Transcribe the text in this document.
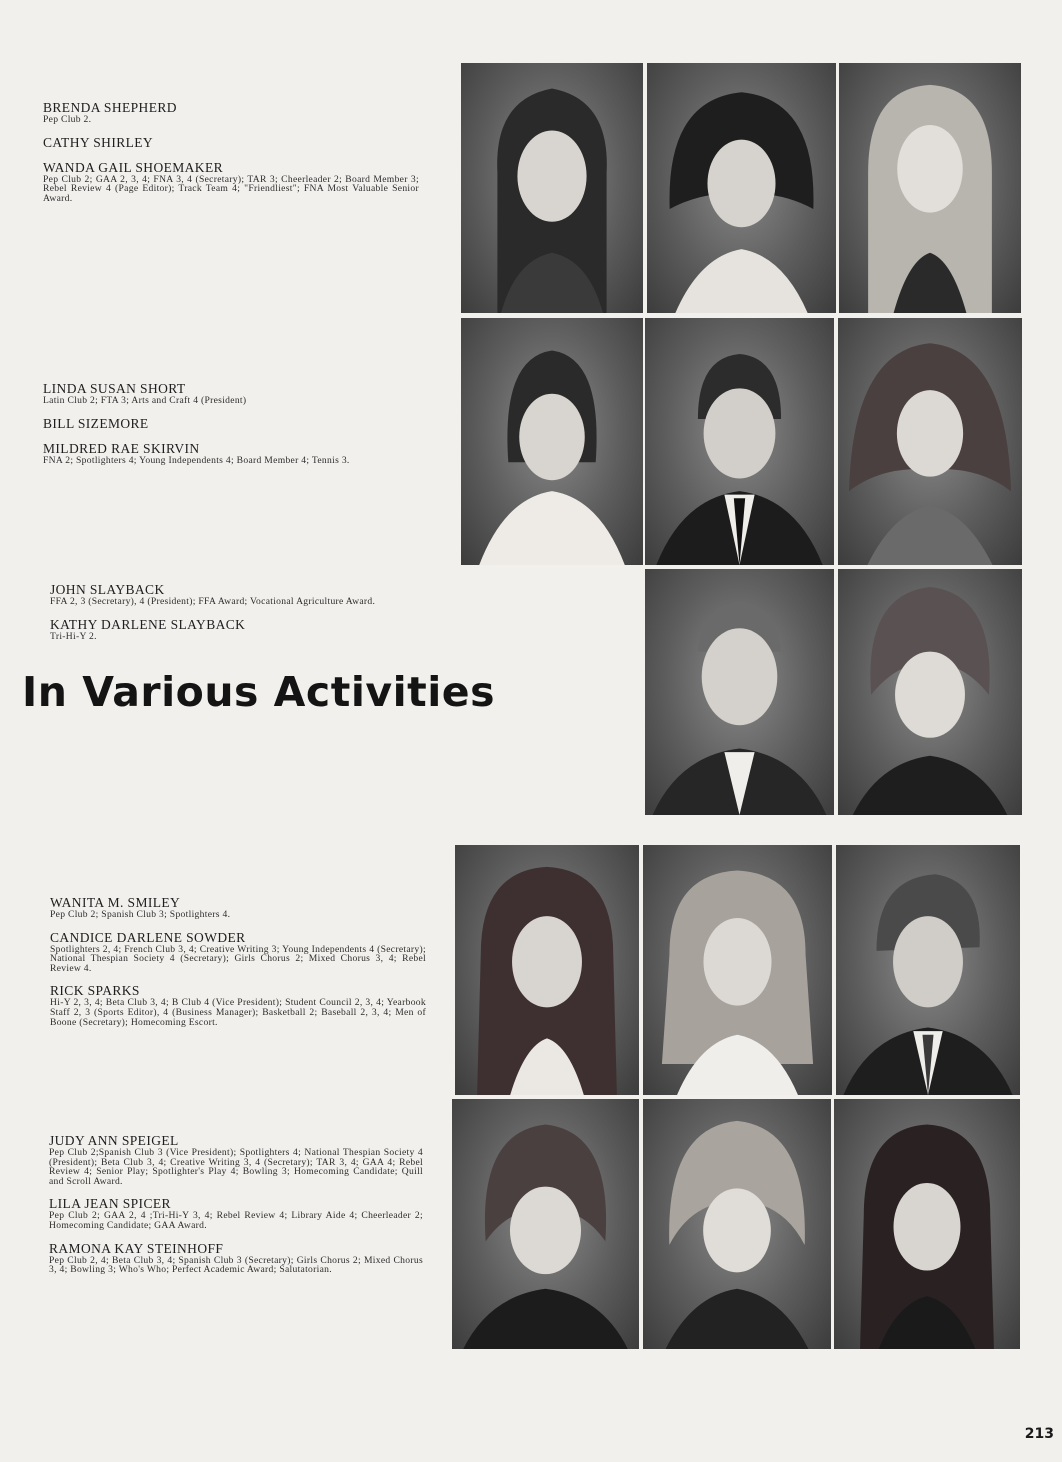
BRENDA SHEPHERD
Pep Club 2.
CATHY SHIRLEY
WANDA GAIL SHOEMAKER
Pep Club 2; GAA 2, 3, 4; FNA 3, 4 (Secretary); TAR 3; Cheerleader 2; Board Member 3; Rebel Review 4 (Page Editor); Track Team 4; "Friendliest"; FNA Most Valuable Senior Award.
LINDA SUSAN SHORT
Latin Club 2; FTA 3; Arts and Craft 4 (President)
BILL SIZEMORE
MILDRED RAE SKIRVIN
FNA 2; Spotlighters 4; Young Independents 4; Board Member 4; Tennis 3.
JOHN SLAYBACK
FFA 2, 3 (Secretary), 4 (President); FFA Award; Vocational Agriculture Award.
KATHY DARLENE SLAYBACK
Tri-Hi-Y 2.
In Various Activities
WANITA M. SMILEY
Pep Club 2; Spanish Club 3; Spotlighters 4.
CANDICE DARLENE SOWDER
Spotlighters 2, 4; French Club 3, 4; Creative Writing 3; Young Independents 4 (Secretary); National Thespian Society 4 (Secretary); Girls Chorus 2; Mixed Chorus 3, 4; Rebel Review 4.
RICK SPARKS
Hi-Y 2, 3, 4; Beta Club 3, 4; B Club 4 (Vice President); Student Council 2, 3, 4; Yearbook Staff 2, 3 (Sports Editor), 4 (Business Manager); Basketball 2; Baseball 2, 3, 4; Men of Boone (Secretary); Homecoming Escort.
JUDY ANN SPEIGEL
Pep Club 2;Spanish Club 3 (Vice President); Spotlighters 4; National Thespian Society 4 (President); Beta Club 3, 4; Creative Writing 3, 4 (Secretary); TAR 3, 4; GAA 4; Rebel Review 4; Senior Play; Spotlighter's Play 4; Bowling 3; Homecoming Candidate; Quill and Scroll Award.
LILA JEAN SPICER
Pep Club 2; GAA 2, 4 ;Tri-Hi-Y 3, 4; Rebel Review 4; Library Aide 4; Cheerleader 2; Homecoming Candidate; GAA Award.
RAMONA KAY STEINHOFF
Pep Club 2, 4; Beta Club 3, 4; Spanish Club 3 (Secretary); Girls Chorus 2; Mixed Chorus 3, 4; Bowling 3; Who's Who; Perfect Academic Award; Salutatorian.
213
